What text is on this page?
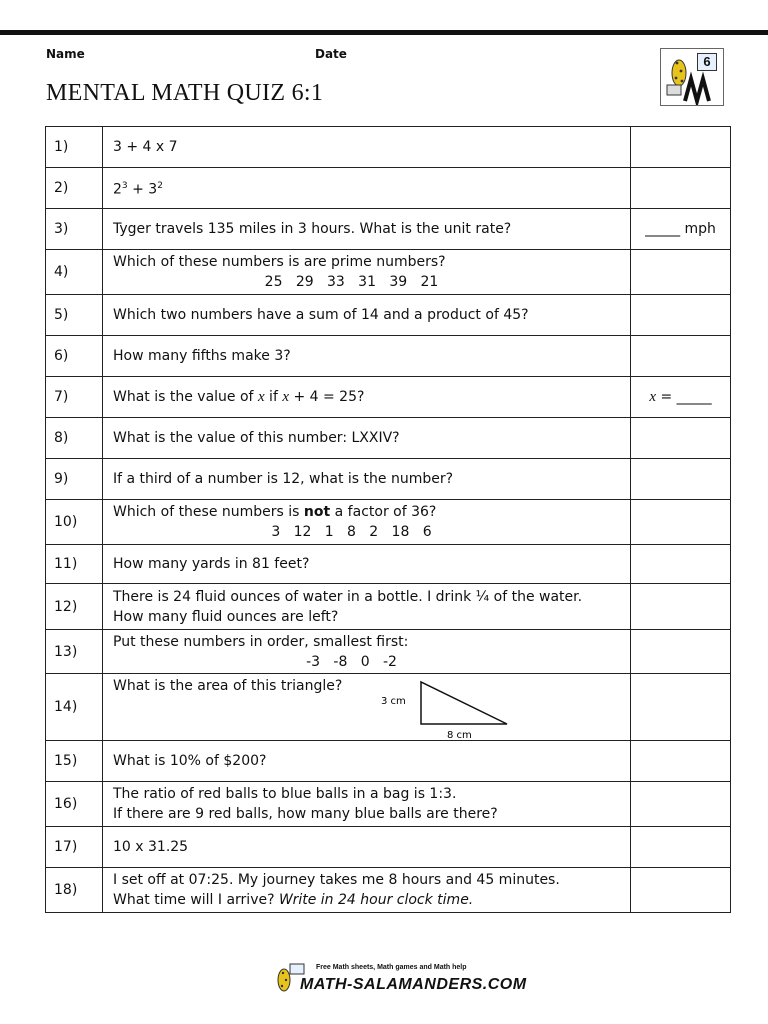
Name	Date
MENTAL MATH QUIZ 6:1
6
1)	3 + 4 x 7	
2)	$2^3 + 3^2$	
3)	Tyger travels 135 miles in 3 hours. What is the unit rate?	_____ mph
4)	Which of these numbers is are prime numbers?
25   29   33   31   39   21	

5)	Which two numbers have a sum of 14 and a product of 45?	
6)	How many fifths make 3?	
7)	What is the value of x if x + 4 = 25?	x = _____
8)	What is the value of this number: LXXIV?	
9)	If a third of a number is 12, what is the number?	
10)	Which of these numbers is not a factor of 36?
3   12   1   8   2   18   6	

11)	How many yards in 81 feet?	
12)	There is 24 fluid ounces of water in a bottle. I drink ¼ of the water.
How many fluid ounces are left?	
13)	Put these numbers in order, smallest first:
-3   -8   0   -2	

14)	What is the area of this triangle?
3 cm
8 cm	

15)	What is 10% of $200?	
16)	The ratio of red balls to blue balls in a bag is 1:3.
If there are 9 red balls, how many blue balls are there?	
17)	10 x 31.25	
18)	I set off at 07:25. My journey takes me 8 hours and 45 minutes.
What time will I arrive? Write in 24 hour clock time.	
Free Math sheets, Math games and Math help
MATH-SALAMANDERS.COM
